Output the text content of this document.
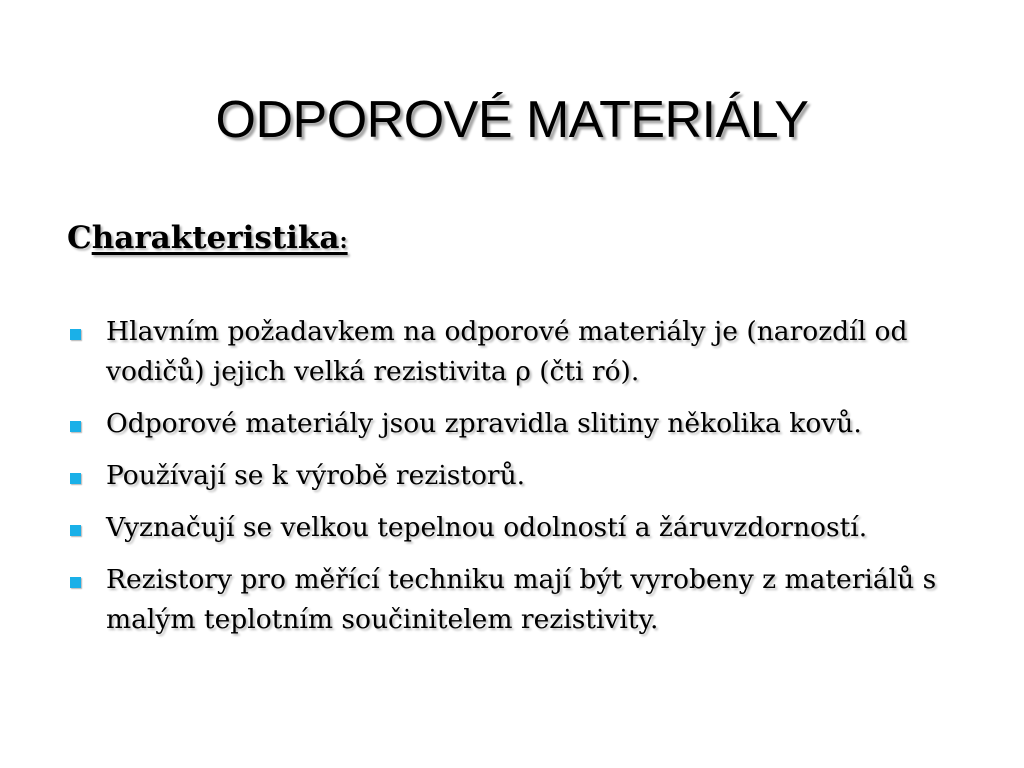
ODPOROVÉ MATERIÁLY
Charakteristika:
Hlavním požadavkem na odporové materiály je (narozdíl od vodičů) jejich velká rezistivita ρ (čti ró).
Odporové materiály jsou zpravidla slitiny několika kovů.
Používají se k výrobě rezistorů.
Vyznačují se velkou tepelnou odolností a žáruvzdorností.
Rezistory pro měřící techniku mají být vyrobeny z materiálů s malým teplotním součinitelem rezistivity.
